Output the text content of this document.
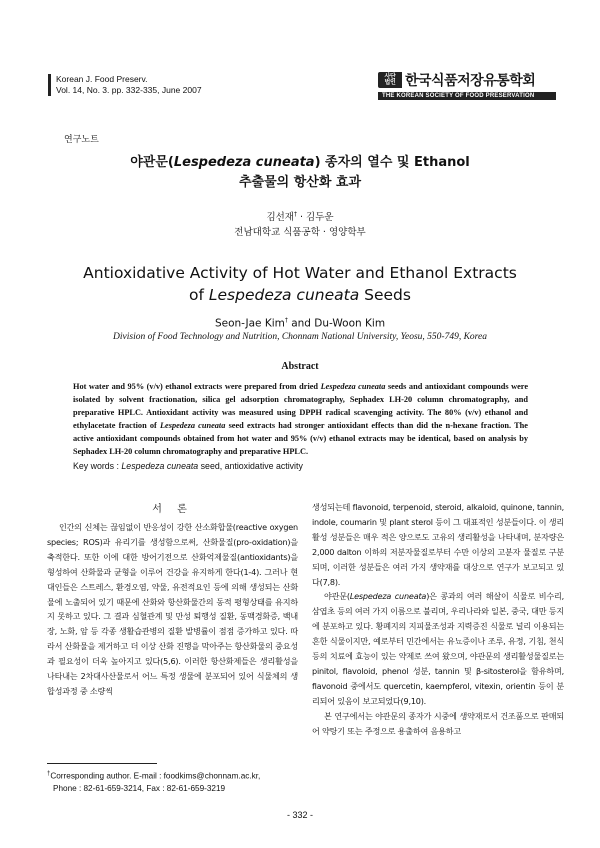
Korean J. Food Preserv.
Vol. 14, No. 3. pp. 332-335, June 2007
사단
법인 한국식품저장유통학회
THE KOREAN SOCIETY OF FOOD PRESERVATION
연구노트
야관문(Lespedeza cuneata) 종자의 열수 및 Ethanol
추출물의 항산화 효과
김선재† · 김두운
전남대학교 식품공학 · 영양학부
Antioxidative Activity of Hot Water and Ethanol Extracts
of Lespedeza cuneata Seeds
Seon-Jae Kim† and Du-Woon Kim
Division of Food Technology and Nutrition, Chonnam National University, Yeosu, 550-749, Korea
Abstract
Hot water and 95% (v/v) ethanol extracts were prepared from dried Lespedeza cuneata seeds and antioxidant compounds were isolated by solvent fractionation, silica gel adsorption chromatography, Sephadex LH-20 column chromatography, and preparative HPLC. Antioxidant activity was measured using DPPH radical scavenging activity. The 80% (v/v) ethanol and ethylacetate fraction of Lespedeza cuneata seed extracts had stronger antioxidant effects than did the n-hexane fraction. The active antioxidant compounds obtained from hot water and 95% (v/v) ethanol extracts may be identical, based on analysis by Sephadex LH-20 column chromatography and preparative HPLC.
Key words : Lespedeza cuneata seed, antioxidative activity
서 론

인간의 신체는 끊임없이 반응성이 강한 산소화합물(reactive oxygen species; ROS)과 유리기를 생성함으로써, 산화물질(pro-oxidation)을 축적한다. 또한 이에 대한 방어기전으로 산화억제물질(antioxidants)을 형성하여 산화물과 균형을 이루어 건강을 유지하게 한다(1-4). 그러나 현대인들은 스트레스, 환경오염, 약물, 유전적요인 등에 의해 생성되는 산화물에 노출되어 있기 때문에 산화와 항산화물간의 동적 평형상태를 유지하지 못하고 있다. 그 결과 심혈관계 및 만성 퇴행성 질환, 동맥경화증, 백내장, 노화, 암 등 각종 생활습관병의 질환 발병률이 점점 증가하고 있다. 따라서 산화물을 제거하고 더 이상 산화 진행을 막아주는 항산화물의 중요성과 필요성이 더욱 높아지고 있다(5,6). 이러한 항산화제들은 생리활성을 나타내는 2차대사산물로서 어느 특정 생물에 분포되어 있어 식물체의 생합성과정 중 소량씩

생성되는데 flavonoid, terpenoid, steroid, alkaloid, quinone, tannin, indole, coumarin 및 plant sterol 등이 그 대표적인 성분들이다. 이 생리활성 성분들은 매우 적은 양으로도 고유의 생리활성을 나타내며, 분자량은 2,000 dalton 이하의 저분자물질로부터 수만 이상의 고분자 물질로 구분되며, 이러한 성분들은 여러 가지 생약재를 대상으로 연구가 보고되고 있다(7,8).

야관문(Lespedeza cuneata)은 콩과의 여러 해살이 식물로 비수리, 삼엽초 등의 여러 가지 이름으로 불리며, 우리나라와 일본, 중국, 대만 등지에 분포하고 있다. 황폐지의 지피물조성과 지력증진 식물로 널리 이용되는 흔한 식물이지만, 예로부터 민간에서는 유뇨증이나 조루, 유정, 기침, 천식 등의 치료에 효능이 있는 약제로 쓰여 왔으며, 야관문의 생리활성물질로는 pinitol, flavoloid, phenol 성분, tannin 및 β-sitosterol을 함유하며, flavonoid 중에서도 quercetin, kaempferol, vitexin, orientin 등이 분리되어 있음이 보고되었다(9,10).

본 연구에서는 야관문의 종자가 시중에 생약재로서 건조품으로 판매되어 약탕기 또는 주정으로 용출하여 음용하고

†Corresponding author. E-mail : foodkims@chonnam.ac.kr,
Phone : 82-61-659-3214, Fax : 82-61-659-3219
- 332 -
